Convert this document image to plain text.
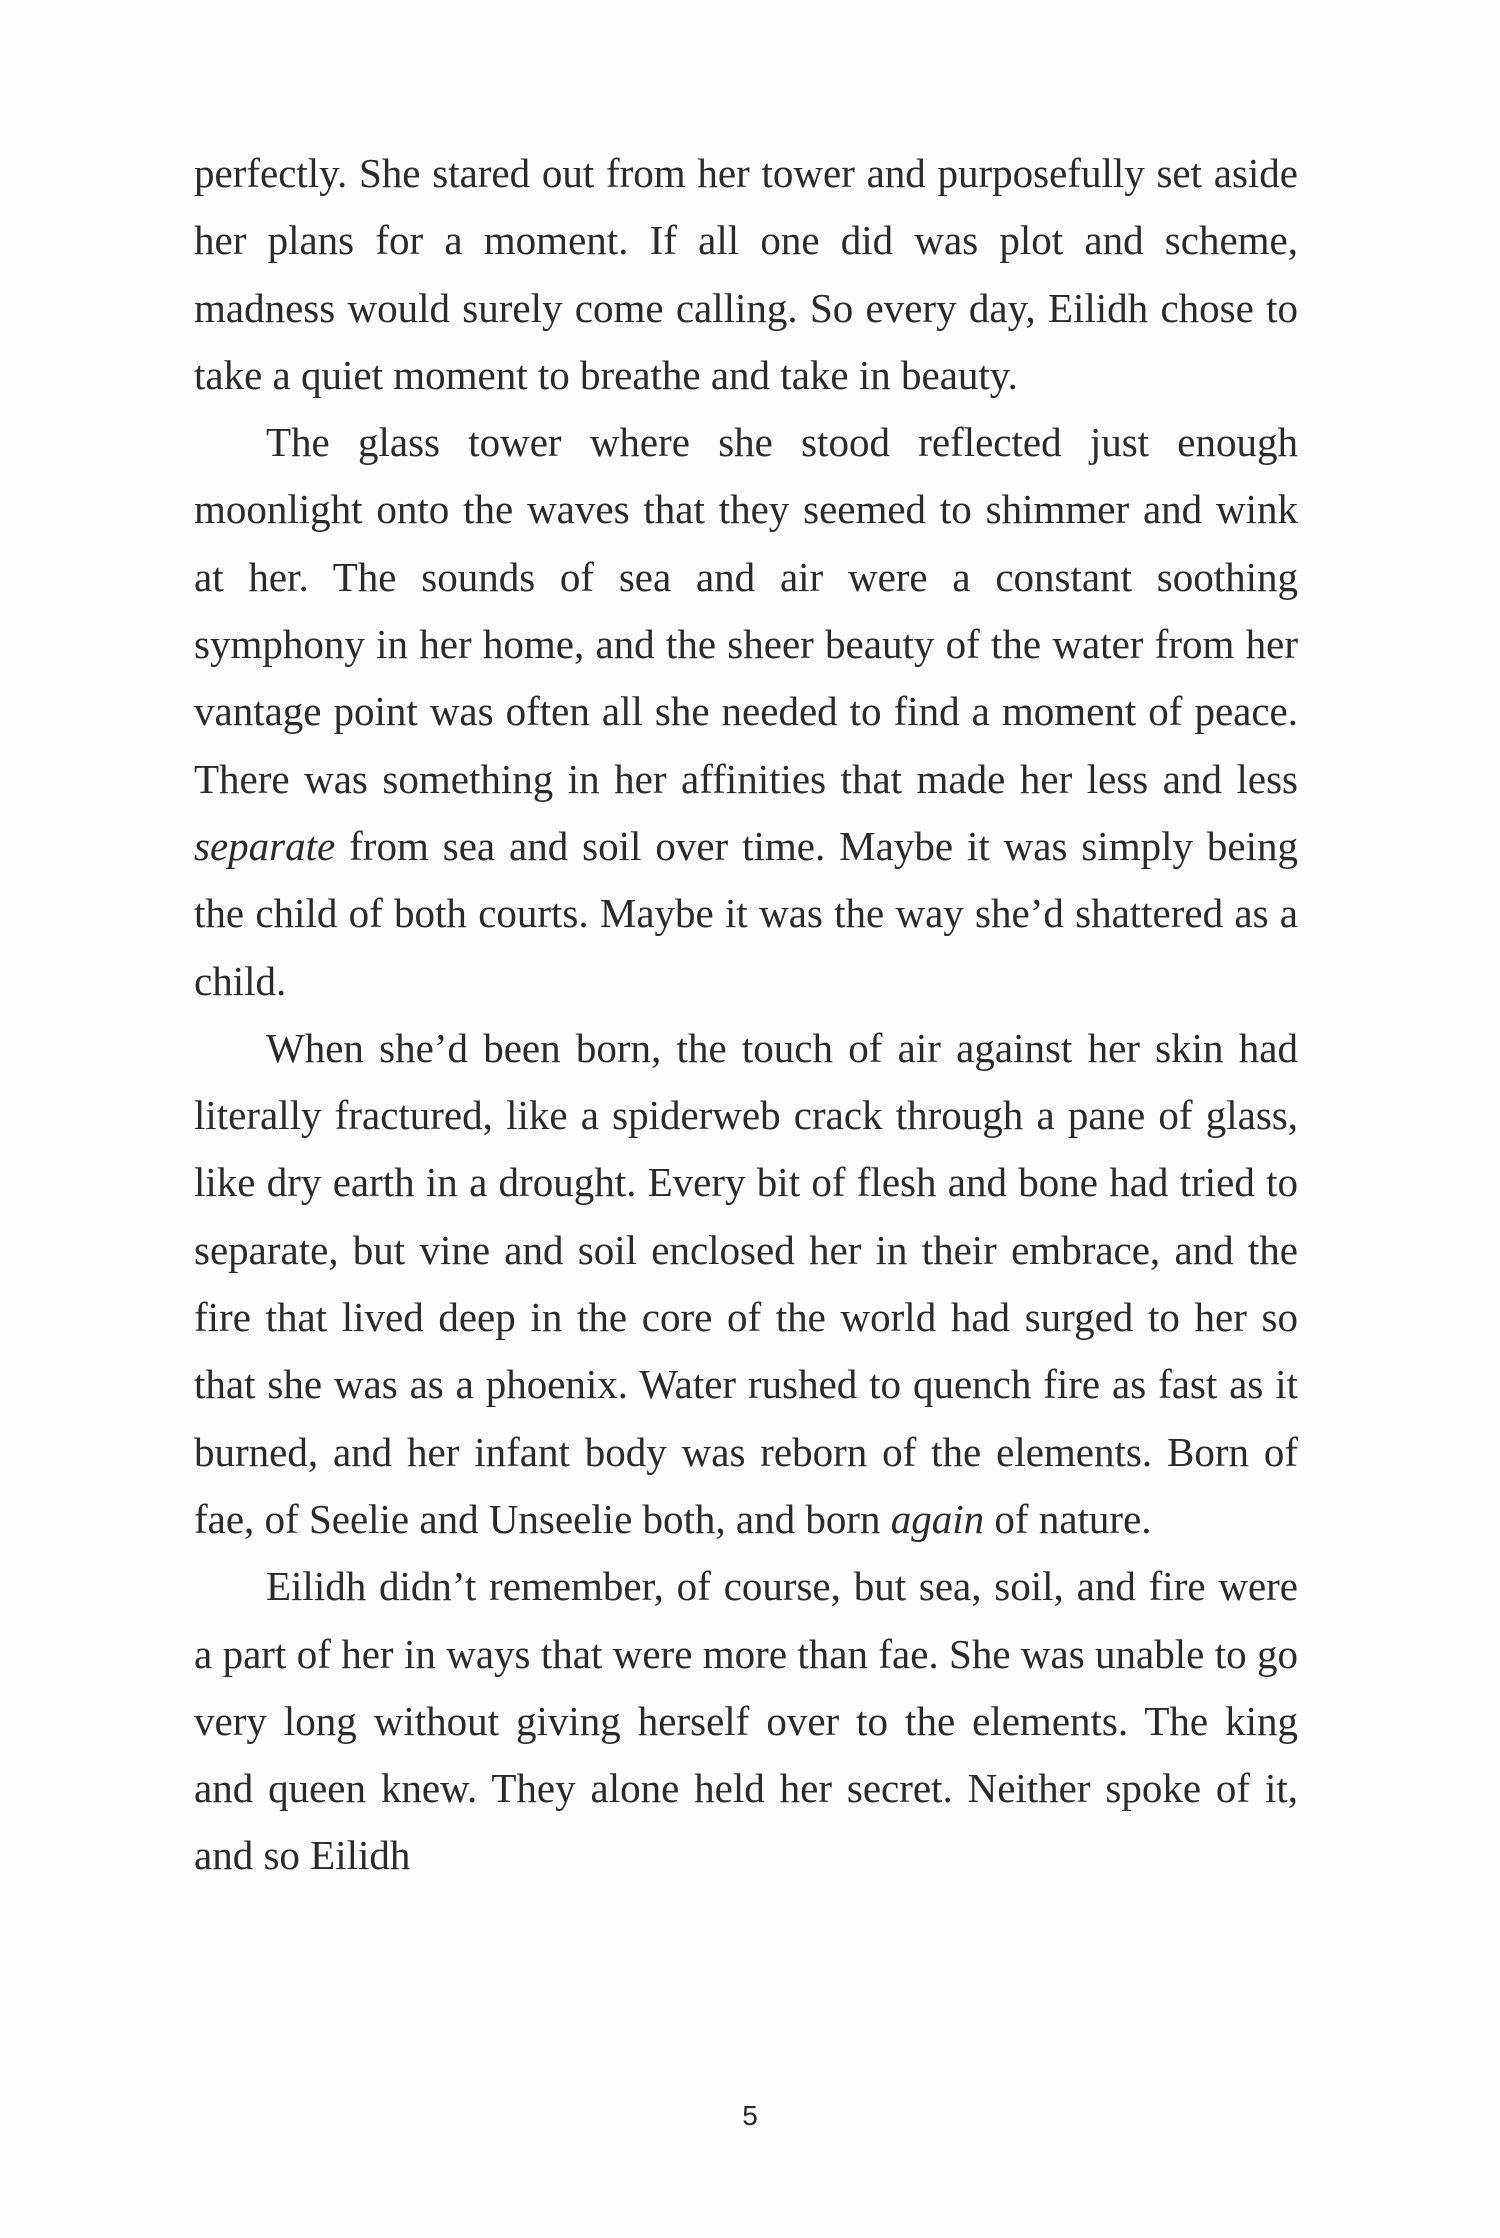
perfectly. She stared out from her tower and purposefully set aside her plans for a moment. If all one did was plot and scheme, madness would surely come calling. So every day, Eilidh chose to take a quiet moment to breathe and take in beauty.

The glass tower where she stood reflected just enough moonlight onto the waves that they seemed to shimmer and wink at her. The sounds of sea and air were a constant soothing symphony in her home, and the sheer beauty of the water from her vantage point was often all she needed to find a moment of peace. There was something in her affinities that made her less and less separate from sea and soil over time. Maybe it was simply being the child of both courts. Maybe it was the way she’d shattered as a child.

When she’d been born, the touch of air against her skin had literally fractured, like a spiderweb crack through a pane of glass, like dry earth in a drought. Every bit of flesh and bone had tried to separate, but vine and soil enclosed her in their embrace, and the fire that lived deep in the core of the world had surged to her so that she was as a phoenix. Water rushed to quench fire as fast as it burned, and her infant body was reborn of the elements. Born of fae, of Seelie and Unseelie both, and born again of nature.

Eilidh didn’t remember, of course, but sea, soil, and fire were a part of her in ways that were more than fae. She was unable to go very long without giving herself over to the elements. The king and queen knew. They alone held her secret. Neither spoke of it, and so Eilidh

5
